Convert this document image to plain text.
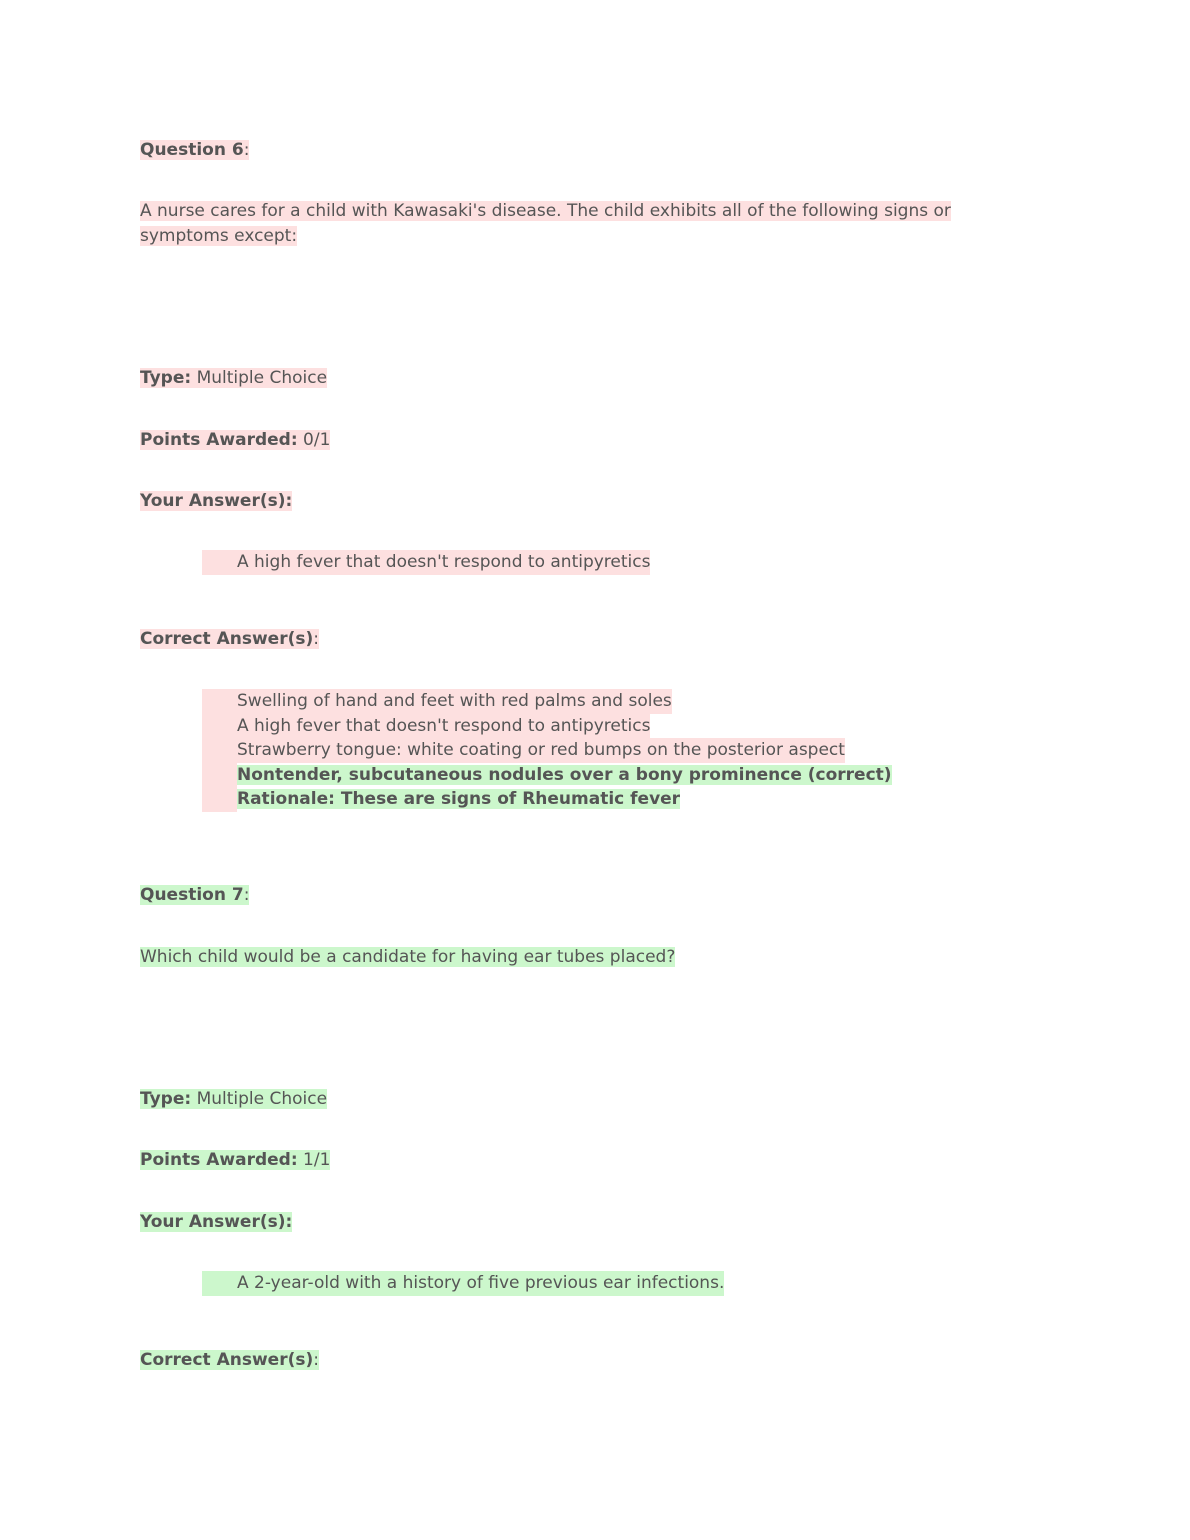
Question 6:

A nurse cares for a child with Kawasaki's disease. The child exhibits all of the following signs or symptoms except:

Type: Multiple Choice

Points Awarded: 0/1

Your Answer(s):

A high fever that doesn't respond to antipyretics

Correct Answer(s):

Swelling of hand and feet with red palms and soles
A high fever that doesn't respond to antipyretics
Strawberry tongue: white coating or red bumps on the posterior aspect
Nontender, subcutaneous nodules over a bony prominence (correct)
Rationale: These are signs of Rheumatic fever

Question 7:

Which child would be a candidate for having ear tubes placed?

Type: Multiple Choice

Points Awarded: 1/1

Your Answer(s):

A 2-year-old with a history of five previous ear infections.

Correct Answer(s):
